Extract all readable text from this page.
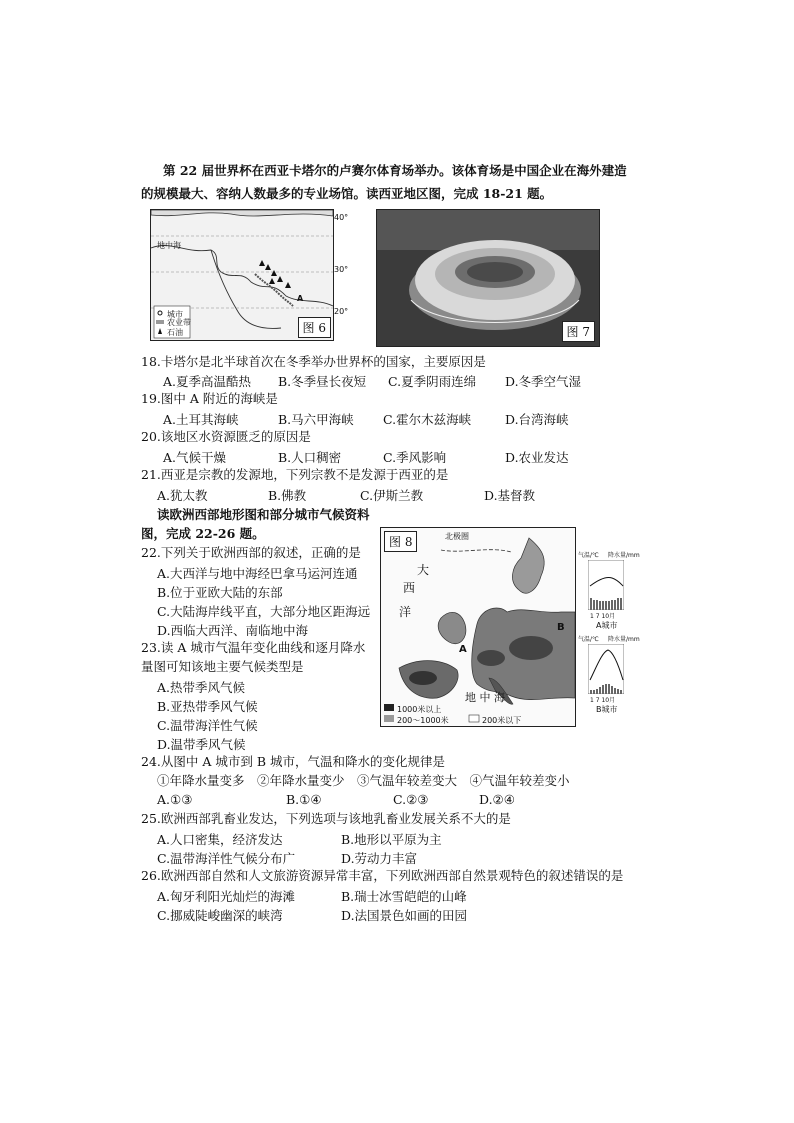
第 22 届世界杯在西亚卡塔尔的卢赛尔体育场举办。该体育场是中国企业在海外建造
的规模最大、容纳人数最多的专业场馆。读西亚地区图，完成 18-21 题。
地中海
城市
农业带
石油
A
图 6
40°
30°
20°
图 7
18.卡塔尔是北半球首次在冬季举办世界杯的国家，主要原因是
A.夏季高温酷热 B.冬季昼长夜短 C.夏季阴雨连绵 D.冬季空气湿
19.图中 A 附近的海峡是
A.土耳其海峡	B.马六甲海峡 C.霍尔木兹海峡	D.台湾海峡
20.该地区水资源匮乏的原因是
A.气候干燥	B.人口稠密	C.季风影响	D.农业发达
21.西亚是宗教的发源地，下列宗教不是发源于西亚的是
A.犹太教	B.佛教	C.伊斯兰教	D.基督教
读欧洲西部地形图和部分城市气候资料
图，完成 22-26 题。
22.下列关于欧洲西部的叙述，正确的是
A.大西洋与地中海经巴拿马运河连通
B.位于亚欧大陆的东部
C.大陆海岸线平直，大部分地区距海远
D.西临大西洋、南临地中海
23.读 A 城市气温年变化曲线和逐月降水
量图可知该地主要气候类型是
A.热带季风气候
B.亚热带季风气候
C.温带海洋性气候
D.温带季风气候
图 8	北极圈
大
西
洋
地 中 海
A
B
1000米以上
200～1000米	200米以下
气温/℃ 降水量/mm
1 7 10月
A城市
气温/℃ 降水量/mm
1 7 10月
B城市
24.从图中 A 城市到 B 城市，气温和降水的变化规律是
①年降水量变多　②年降水量变少　③气温年较差变大　④气温年较差变小
A.①③	B.①④	C.②③	D.②④
25.欧洲西部乳畜业发达，下列选项与该地乳畜业发展关系不大的是
A.人口密集，经济发达	B.地形以平原为主
C.温带海洋性气候分布广	D.劳动力丰富
26.欧洲西部自然和人文旅游资源异常丰富，下列欧洲西部自然景观特色的叙述错误的是
A.匈牙利阳光灿烂的海滩	B.瑞士冰雪皑皑的山峰
C.挪威陡峻幽深的峡湾	D.法国景色如画的田园
